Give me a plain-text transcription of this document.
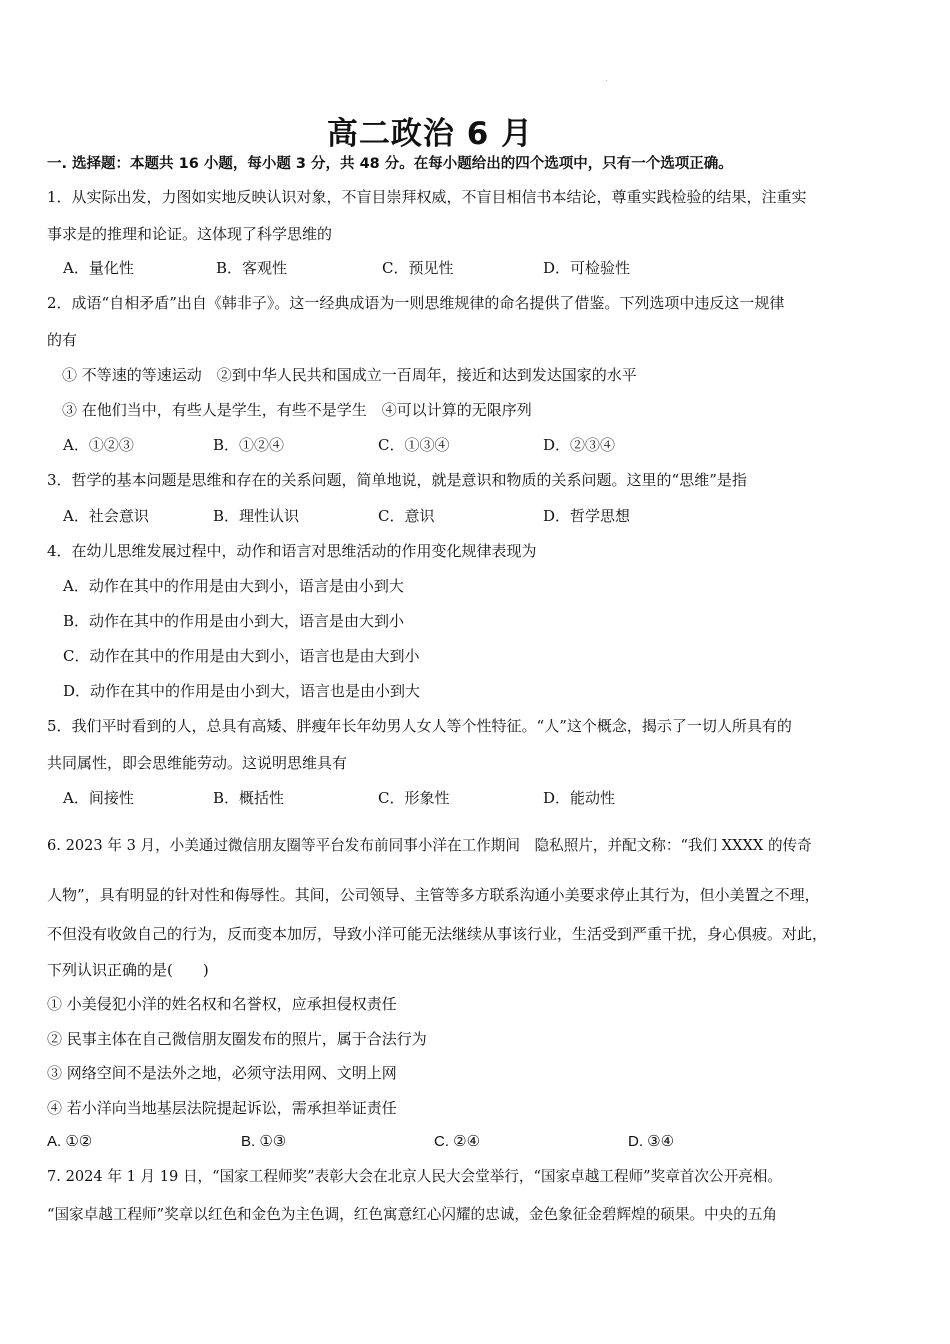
·
高二政治 6 月
一. 选择题：本题共 16 小题，每小题 3 分，共 48 分。在每小题给出的四个选项中，只有一个选项正确。
1．从实际出发，力图如实地反映认识对象，不盲目崇拜权威，不盲目相信书本结论，尊重实践检验的结果，注重实
事求是的推理和论证。这体现了科学思维的
A．量化性	B．客观性	C．预见性	D．可检验性
2．成语“自相矛盾”出自《韩非子》。这一经典成语为一则思维规律的命名提供了借鉴。下列选项中违反这一规律
的有
① 不等速的等速运动　②到中华人民共和国成立一百周年，接近和达到发达国家的水平
③ 在他们当中，有些人是学生，有些不是学生　④可以计算的无限序列
A．①②③	B．①②④	C．①③④	D．②③④
3．哲学的基本问题是思维和存在的关系问题，简单地说，就是意识和物质的关系问题。这里的“思维”是指
A．社会意识	B．理性认识	C．意识	D．哲学思想
4．在幼儿思维发展过程中，动作和语言对思维活动的作用变化规律表现为
A．动作在其中的作用是由大到小，语言是由小到大
B．动作在其中的作用是由小到大，语言是由大到小
C．动作在其中的作用是由大到小，语言也是由大到小
D．动作在其中的作用是由小到大，语言也是由小到大
5．我们平时看到的人，总具有高矮、胖瘦年长年幼男人女人等个性特征。“人”这个概念，揭示了一切人所具有的
共同属性，即会思维能劳动。这说明思维具有
A．间接性	B．概括性	C．形象性	D．能动性
6. 2023 年 3 月，小美通过微信朋友圈等平台发布前同事小洋在工作期间　隐私照片，并配文称：“我们 XXXX 的传奇
人物”，具有明显的针对性和侮辱性。其间，公司领导、主管等多方联系沟通小美要求停止其行为，但小美置之不理，
不但没有收敛自己的行为，反而变本加厉，导致小洋可能无法继续从事该行业，生活受到严重干扰，身心俱疲。对此，
下列认识正确的是(　　)
① 小美侵犯小洋的姓名权和名誉权，应承担侵权责任
② 民事主体在自己微信朋友圈发布的照片，属于合法行为
③ 网络空间不是法外之地，必须守法用网、文明上网
④ 若小洋向当地基层法院提起诉讼，需承担举证责任
A. ①②	B. ①③	C. ②④	D. ③④
7. 2024 年 1 月 19 日，“国家工程师奖”表彰大会在北京人民大会堂举行，“国家卓越工程师”奖章首次公开亮相。
“国家卓越工程师”奖章以红色和金色为主色调，红色寓意红心闪耀的忠诚，金色象征金碧辉煌的硕果。中央的五角
